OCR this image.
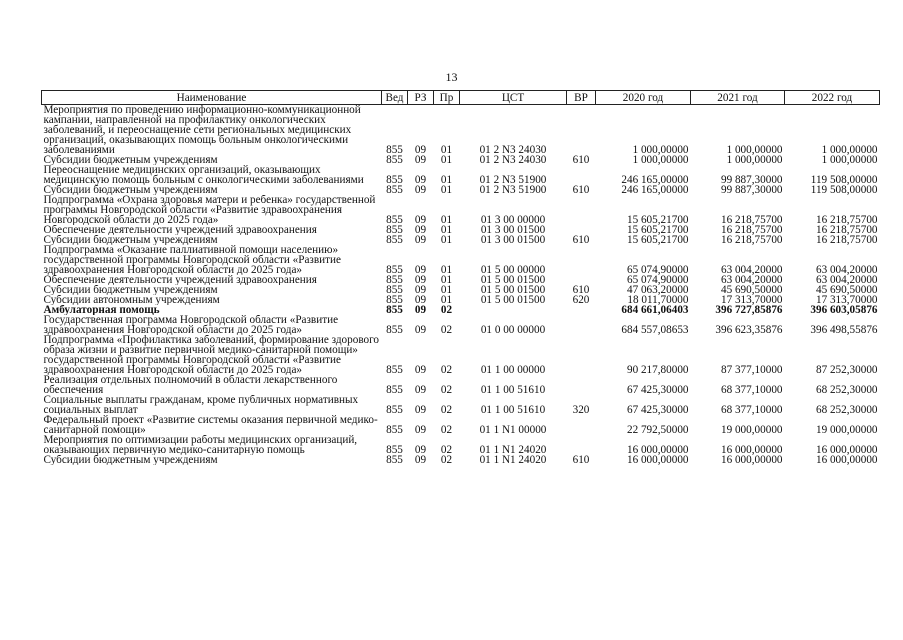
13
Наименование	Вед	РЗ	Пр	ЦСТ	ВР	2020 год	2021 год	2022 год
Мероприятия по проведению информационно-коммуникационной кампании, направленной на профилактику онкологических заболеваний, и переоснащение сети региональных медицинских организаций, оказывающих помощь больным онкологическими заболеваниями	855	09	01	01 2 N3 24030		1 000,00000	1 000,00000	1 000,00000
Субсидии бюджетным учреждениям	855	09	01	01 2 N3 24030	610	1 000,00000	1 000,00000	1 000,00000
Переоснащение медицинских организаций, оказывающих медицинскую помощь больным с онкологическими заболеваниями	855	09	01	01 2 N3 51900		246 165,00000	99 887,30000	119 508,00000
Субсидии бюджетным учреждениям	855	09	01	01 2 N3 51900	610	246 165,00000	99 887,30000	119 508,00000
Подпрограмма «Охрана здоровья матери и ребенка» государственной программы Новгородской области «Развитие здравоохранения Новгородской области до 2025 года»	855	09	01	01 3 00 00000		15 605,21700	16 218,75700	16 218,75700
Обеспечение деятельности учреждений здравоохранения	855	09	01	01 3 00 01500		15 605,21700	16 218,75700	16 218,75700
Субсидии бюджетным учреждениям	855	09	01	01 3 00 01500	610	15 605,21700	16 218,75700	16 218,75700
Подпрограмма «Оказание паллиативной помощи населению» государственной программы Новгородской области «Развитие здравоохранения Новгородской области до 2025 года»	855	09	01	01 5 00 00000		65 074,90000	63 004,20000	63 004,20000
Обеспечение деятельности учреждений здравоохранения	855	09	01	01 5 00 01500		65 074,90000	63 004,20000	63 004,20000
Субсидии бюджетным учреждениям	855	09	01	01 5 00 01500	610	47 063,20000	45 690,50000	45 690,50000
Субсидии автономным учреждениям	855	09	01	01 5 00 01500	620	18 011,70000	17 313,70000	17 313,70000
Амбулаторная помощь	855	09	02			684 661,06403	396 727,85876	396 603,05876
Государственная программа Новгородской области «Развитие здравоохранения Новгородской области до 2025 года»	855	09	02	01 0 00 00000		684 557,08653	396 623,35876	396 498,55876
Подпрограмма «Профилактика заболеваний, формирование здорового образа жизни и развитие первичной медико-санитарной помощи» государственной программы Новгородской области «Развитие здравоохранения Новгородской области до 2025 года»	855	09	02	01 1 00 00000		90 217,80000	87 377,10000	87 252,30000
Реализация отдельных полномочий в области лекарственного обеспечения	855	09	02	01 1 00 51610		67 425,30000	68 377,10000	68 252,30000
Социальные выплаты гражданам, кроме публичных нормативных социальных выплат	855	09	02	01 1 00 51610	320	67 425,30000	68 377,10000	68 252,30000
Федеральный проект «Развитие системы оказания первичной медико-санитарной помощи»	855	09	02	01 1 N1 00000		22 792,50000	19 000,00000	19 000,00000
Мероприятия по оптимизации работы медицинских организаций, оказывающих первичную медико-санитарную помощь	855	09	02	01 1 N1 24020		16 000,00000	16 000,00000	16 000,00000
Субсидии бюджетным учреждениям	855	09	02	01 1 N1 24020	610	16 000,00000	16 000,00000	16 000,00000
